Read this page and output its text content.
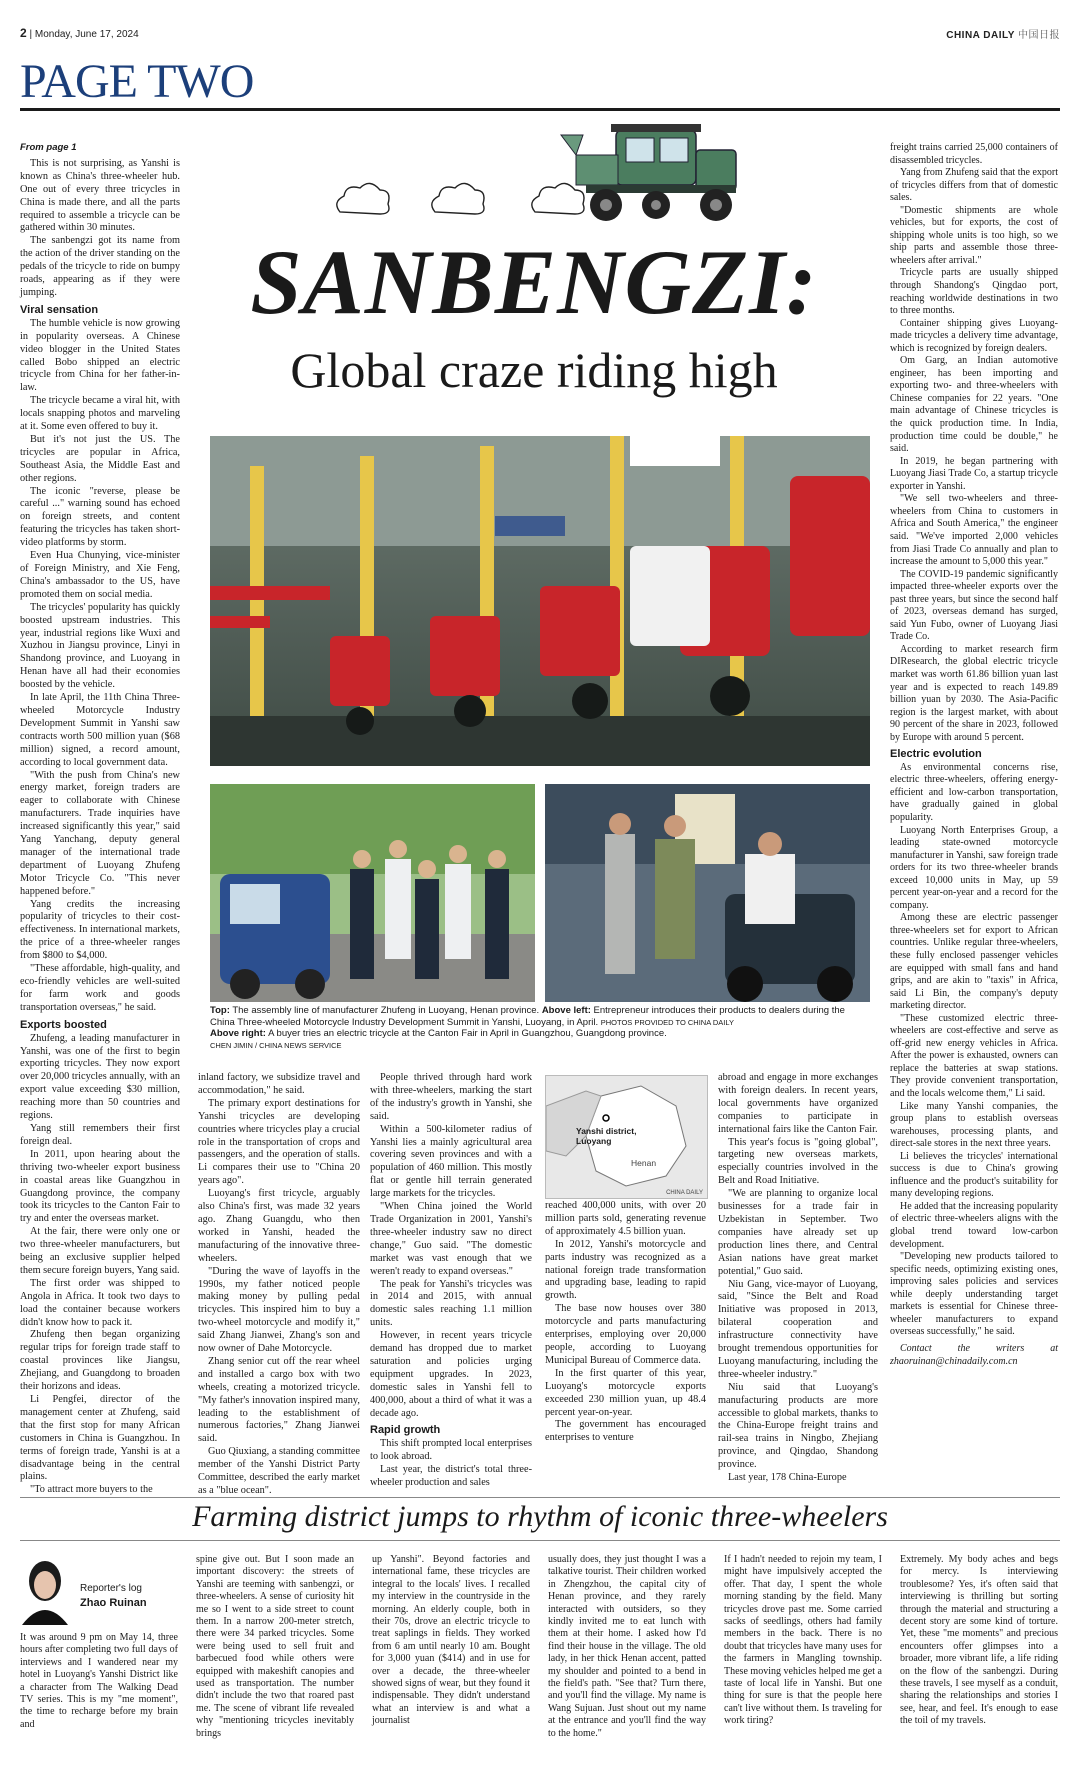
2 | Monday, June 17, 2024	CHINA DAILY 中国日报
PAGE TWO
From page 1

This is not surprising, as Yanshi is known as China's three-wheeler hub. One out of every three tricycles in China is made there, and all the parts required to assemble a tricycle can be gathered within 30 minutes.

The sanbengzi got its name from the action of the driver standing on the pedals of the tricycle to ride on bumpy roads, appearing as if they were jumping.

Viral sensation

The humble vehicle is now growing in popularity overseas. A Chinese video blogger in the United States called Bobo shipped an electric tricycle from China for her father-in-law.

The tricycle became a viral hit, with locals snapping photos and marveling at it. Some even offered to buy it.

But it's not just the US. The tricycles are popular in Africa, Southeast Asia, the Middle East and other regions.

The iconic "reverse, please be careful ..." warning sound has echoed on foreign streets, and content featuring the tricycles has taken short-video platforms by storm.

Even Hua Chunying, vice-minister of Foreign Ministry, and Xie Feng, China's ambassador to the US, have promoted them on social media.

The tricycles' popularity has quickly boosted upstream industries. This year, industrial regions like Wuxi and Xuzhou in Jiangsu province, Linyi in Shandong province, and Luoyang in Henan have all had their economies boosted by the vehicle.

In late April, the 11th China Three-wheeled Motorcycle Industry Development Summit in Yanshi saw contracts worth 500 million yuan ($68 million) signed, a record amount, according to local government data.

"With the push from China's new energy market, foreign traders are eager to collaborate with Chinese manufacturers. Trade inquiries have increased significantly this year," said Yang Yanchang, deputy general manager of the international trade department of Luoyang Zhufeng Motor Tricycle Co. "This never happened before."

Yang credits the increasing popularity of tricycles to their cost-effectiveness. In international markets, the price of a three-wheeler ranges from $800 to $4,000.

"These affordable, high-quality, and eco-friendly vehicles are well-suited for farm work and goods transportation overseas," he said.

Exports boosted

Zhufeng, a leading manufacturer in Yanshi, was one of the first to begin exporting tricycles. They now export over 20,000 tricycles annually, with an export value exceeding $30 million, reaching more than 50 countries and regions.

Yang still remembers their first foreign deal.

In 2011, upon hearing about the thriving two-wheeler export business in coastal areas like Guangzhou in Guangdong province, the company took its tricycles to the Canton Fair to try and enter the overseas market.

At the fair, there were only one or two three-wheeler manufacturers, but being an exclusive supplier helped them secure foreign buyers, Yang said.

The first order was shipped to Angola in Africa. It took two days to load the container because workers didn't know how to pack it.

Zhufeng then began organizing regular trips for foreign trade staff to coastal provinces like Jiangsu, Zhejiang, and Guangdong to broaden their horizons and ideas.

Li Pengfei, director of the management center at Zhufeng, said that the first stop for many African customers in China is Guangzhou. In terms of foreign trade, Yanshi is at a disadvantage being in the central plains.

"To attract more buyers to the

SANBENGZI:
Global craze riding high
Top: The assembly line of manufacturer Zhufeng in Luoyang, Henan province. Above left: Entrepreneur introduces their products to dealers during the China Three-wheeled Motorcycle Industry Development Summit in Yanshi, Luoyang, in April. PHOTOS PROVIDED TO CHINA DAILY
Above right: A buyer tries an electric tricycle at the Canton Fair in April in Guangzhou, Guangdong province.
CHEN JIMIN / CHINA NEWS SERVICE

inland factory, we subsidize travel and accommodation," he said.

The primary export destinations for Yanshi tricycles are developing countries where tricycles play a crucial role in the transportation of crops and passengers, and the operation of stalls. Li compares their use to "China 20 years ago".

Luoyang's first tricycle, arguably also China's first, was made 32 years ago. Zhang Guangdu, who then worked in Yanshi, headed the manufacturing of the innovative three-wheelers.

"During the wave of layoffs in the 1990s, my father noticed people making money by pulling pedal tricycles. This inspired him to buy a two-wheel motorcycle and modify it," said Zhang Jianwei, Zhang's son and now owner of Dahe Motorcycle.

Zhang senior cut off the rear wheel and installed a cargo box with two wheels, creating a motorized tricycle. "My father's innovation inspired many, leading to the establishment of numerous factories," Zhang Jianwei said.

Guo Qiuxiang, a standing committee member of the Yanshi District Party Committee, described the early market as a "blue ocean".

People thrived through hard work with three-wheelers, marking the start of the industry's growth in Yanshi, she said.

Within a 500-kilometer radius of Yanshi lies a mainly agricultural area covering seven provinces and with a population of 460 million. This mostly flat or gentle hill terrain generated large markets for the tricycles.

"When China joined the World Trade Organization in 2001, Yanshi's three-wheeler industry saw no direct change," Guo said. "The domestic market was vast enough that we weren't ready to expand overseas."

The peak for Yanshi's tricycles was in 2014 and 2015, with annual domestic sales reaching 1.1 million units.

However, in recent years tricycle demand has dropped due to market saturation and policies urging equipment upgrades. In 2023, domestic sales in Yanshi fell to 400,000, about a third of what it was a decade ago.

Rapid growth

This shift prompted local enterprises to look abroad.

Last year, the district's total three-wheeler production and sales

Yanshi district, Luoyang
Henan
CHINA DAILY

reached 400,000 units, with over 20 million parts sold, generating revenue of approximately 4.5 billion yuan.

In 2012, Yanshi's motorcycle and parts industry was recognized as a national foreign trade transformation and upgrading base, leading to rapid growth.

The base now houses over 380 motorcycle and parts manufacturing enterprises, employing over 20,000 people, according to Luoyang Municipal Bureau of Commerce data.

In the first quarter of this year, Luoyang's motorcycle exports exceeded 230 million yuan, up 48.4 percent year-on-year.

The government has encouraged enterprises to venture

abroad and engage in more exchanges with foreign dealers. In recent years, local governments have organized companies to participate in international fairs like the Canton Fair.

This year's focus is "going global", targeting new overseas markets, especially countries involved in the Belt and Road Initiative.

"We are planning to organize local businesses for a trade fair in Uzbekistan in September. Two companies have already set up production lines there, and Central Asian nations have great market potential," Guo said.

Niu Gang, vice-mayor of Luoyang, said, "Since the Belt and Road Initiative was proposed in 2013, bilateral cooperation and infrastructure connectivity have brought tremendous opportunities for Luoyang manufacturing, including the three-wheeler industry."

Niu said that Luoyang's manufacturing products are more accessible to global markets, thanks to the China-Europe freight trains and rail-sea trains in Ningbo, Zhejiang province, and Qingdao, Shandong province.

Last year, 178 China-Europe

freight trains carried 25,000 containers of disassembled tricycles.

Yang from Zhufeng said that the export of tricycles differs from that of domestic sales.

"Domestic shipments are whole vehicles, but for exports, the cost of shipping whole units is too high, so we ship parts and assemble those three-wheelers after arrival."

Tricycle parts are usually shipped through Shandong's Qingdao port, reaching worldwide destinations in two to three months.

Container shipping gives Luoyang-made tricycles a delivery time advantage, which is recognized by foreign dealers.

Om Garg, an Indian automotive engineer, has been importing and exporting two- and three-wheelers with Chinese companies for 22 years. "One main advantage of Chinese tricycles is the quick production time. In India, production time could be double," he said.

In 2019, he began partnering with Luoyang Jiasi Trade Co, a startup tricycle exporter in Yanshi.

"We sell two-wheelers and three-wheelers from China to customers in Africa and South America," the engineer said. "We've imported 2,000 vehicles from Jiasi Trade Co annually and plan to increase the amount to 5,000 this year."

The COVID-19 pandemic significantly impacted three-wheeler exports over the past three years, but since the second half of 2023, overseas demand has surged, said Yun Fubo, owner of Luoyang Jiasi Trade Co.

According to market research firm DIResearch, the global electric tricycle market was worth 61.86 billion yuan last year and is expected to reach 149.89 billion yuan by 2030. The Asia-Pacific region is the largest market, with about 90 percent of the share in 2023, followed by Europe with around 5 percent.

Electric evolution

As environmental concerns rise, electric three-wheelers, offering energy-efficient and low-carbon transportation, have gradually gained in global popularity.

Luoyang North Enterprises Group, a leading state-owned motorcycle manufacturer in Yanshi, saw foreign trade orders for its two three-wheeler brands exceed 10,000 units in May, up 59 percent year-on-year and a record for the company.

Among these are electric passenger three-wheelers set for export to African countries. Unlike regular three-wheelers, these fully enclosed passenger vehicles are equipped with small fans and hand grips, and are akin to "taxis" in Africa, said Li Bin, the company's deputy marketing director.

"These customized electric three-wheelers are cost-effective and serve as off-grid new energy vehicles in Africa. After the power is exhausted, owners can replace the batteries at swap stations. They provide convenient transportation, and the locals welcome them," Li said.

Like many Yanshi companies, the group plans to establish overseas warehouses, processing plants, and direct-sale stores in the next three years.

Li believes the tricycles' international success is due to China's growing influence and the product's suitability for many developing regions.

He added that the increasing popularity of electric three-wheelers aligns with the global trend toward low-carbon development.

"Developing new products tailored to specific needs, optimizing existing ones, improving sales policies and services while deeply understanding target markets is essential for Chinese three-wheeler manufacturers to expand overseas successfully," he said.

Contact the writers at zhaoruinan@chinadaily.com.cn

Farming district jumps to rhythm of iconic three-wheelers
Reporter's log
Zhao Ruinan

It was around 9 pm on May 14, three hours after completing two full days of interviews and I wandered near my hotel in Luoyang's Yanshi District like a character from The Walking Dead TV series. This is my "me moment", the time to recharge before my brain and

spine give out. But I soon made an important discovery: the streets of Yanshi are teeming with sanbengzi, or three-wheelers. A sense of curiosity hit me so I went to a side street to count them. In a narrow 200-meter stretch, there were 34 parked tricycles. Some were being used to sell fruit and barbecued food while others were equipped with makeshift canopies and used as transportation. The number didn't include the two that roared past me. The scene of vibrant life revealed why "mentioning tricycles inevitably brings

up Yanshi". Beyond factories and international fame, these tricycles are integral to the locals' lives. I recalled my interview in the countryside in the morning. An elderly couple, both in their 70s, drove an electric tricycle to treat saplings in fields. They worked from 6 am until nearly 10 am. Bought for 3,000 yuan ($414) and in use for over a decade, the three-wheeler showed signs of wear, but they found it indispensable. They didn't understand what an interview is and what a journalist

usually does, they just thought I was a talkative tourist. Their children worked in Zhengzhou, the capital city of Henan province, and they rarely interacted with outsiders, so they kindly invited me to eat lunch with them at their home. I asked how I'd find their house in the village. The old lady, in her thick Henan accent, patted my shoulder and pointed to a bend in the field's path. "See that? Turn there, and you'll find the village. My name is Wang Sujuan. Just shout out my name at the entrance and you'll find the way to the home."

If I hadn't needed to rejoin my team, I might have impulsively accepted the offer. That day, I spent the whole morning standing by the field. Many tricycles drove past me. Some carried sacks of seedlings, others had family members in the back. There is no doubt that tricycles have many uses for the farmers in Mangling township. These moving vehicles helped me get a taste of local life in Yanshi. But one thing for sure is that the people here can't live without them. Is traveling for work tiring?

Extremely. My body aches and begs for mercy. Is interviewing troublesome? Yes, it's often said that interviewing is thrilling but sorting through the material and structuring a decent story are some kind of torture. Yet, these "me moments" and precious encounters offer glimpses into a broader, more vibrant life, a life riding on the flow of the sanbengzi. During these travels, I see myself as a conduit, sharing the relationships and stories I see, hear, and feel. It's enough to ease the toil of my travels.
